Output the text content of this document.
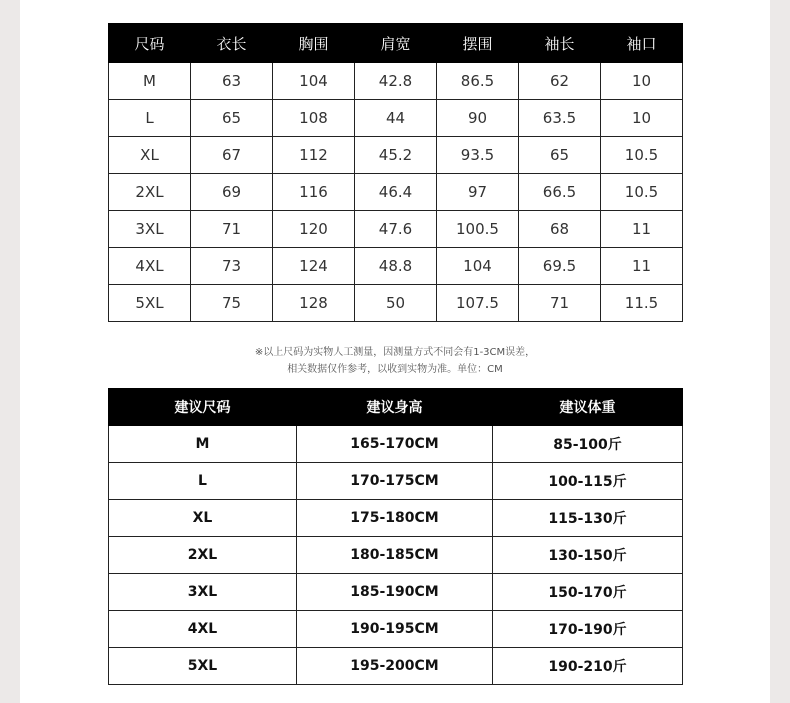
尺码	衣长	胸围	肩宽	摆围	袖长	袖口
M	63	104	42.8	86.5	62	10
L	65	108	44	90	63.5	10
XL	67	112	45.2	93.5	65	10.5
2XL	69	116	46.4	97	66.5	10.5
3XL	71	120	47.6	100.5	68	11
4XL	73	124	48.8	104	69.5	11
5XL	75	128	50	107.5	71	11.5
※以上尺码为实物人工测量，因测量方式不同会有1-3CM误差，
相关数据仅作参考，以收到实物为准。单位：CM
建议尺码	建议身高	建议体重
M	165-170CM	85-100斤
L	170-175CM	100-115斤
XL	175-180CM	115-130斤
2XL	180-185CM	130-150斤
3XL	185-190CM	150-170斤
4XL	190-195CM	170-190斤
5XL	195-200CM	190-210斤
